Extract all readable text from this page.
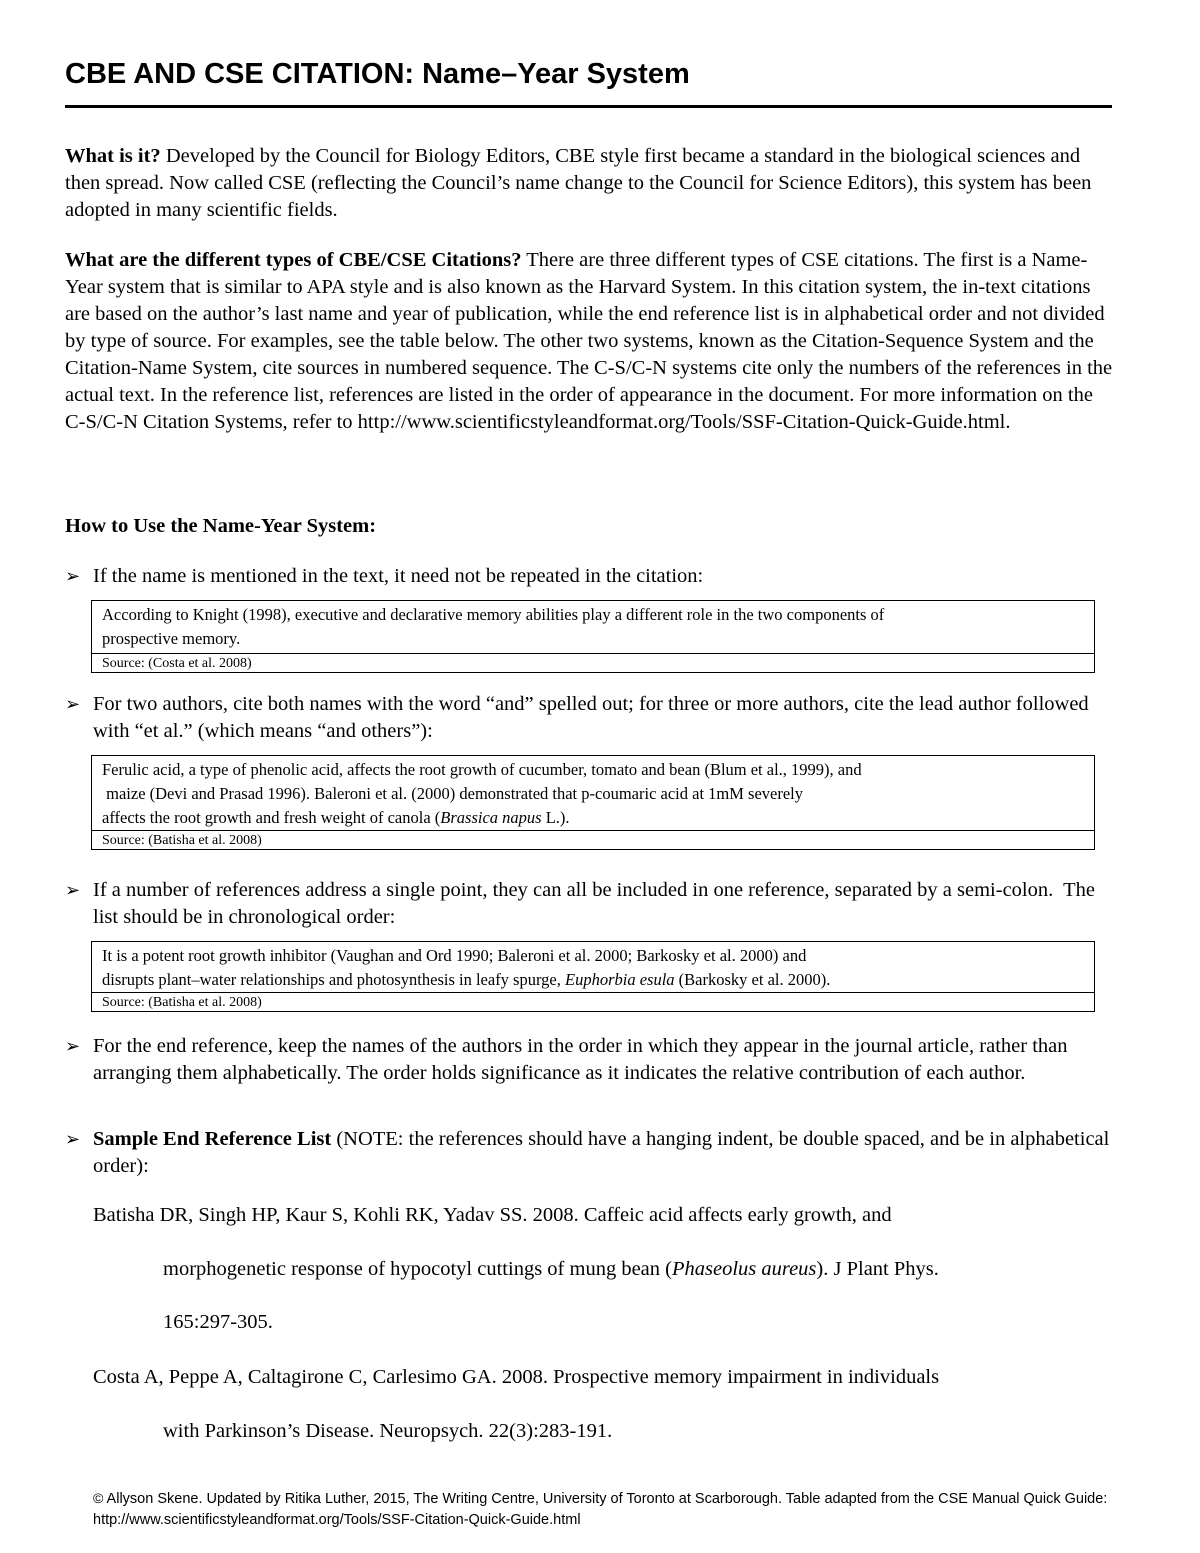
CBE AND CSE CITATION: Name–Year System
What is it? Developed by the Council for Biology Editors, CBE style first became a standard in the biological sciences and then spread. Now called CSE (reflecting the Council’s name change to the Council for Science Editors), this system has been adopted in many scientific fields.
What are the different types of CBE/CSE Citations? There are three different types of CSE citations. The first is a Name-Year system that is similar to APA style and is also known as the Harvard System. In this citation system, the in-text citations are based on the author’s last name and year of publication, while the end reference list is in alphabetical order and not divided by type of source. For examples, see the table below. The other two systems, known as the Citation-Sequence System and the Citation-Name System, cite sources in numbered sequence. The C-S/C-N systems cite only the numbers of the references in the actual text. In the reference list, references are listed in the order of appearance in the document. For more information on the C-S/C-N Citation Systems, refer to http://www.scientificstyleandformat.org/Tools/SSF-Citation-Quick-Guide.html.
How to Use the Name-Year System:
➢ If the name is mentioned in the text, it need not be repeated in the citation:
According to Knight (1998), executive and declarative memory abilities play a different role in the two components of
prospective memory.
Source: (Costa et al. 2008)
➢ For two authors, cite both names with the word “and” spelled out; for three or more authors, cite the lead author followed with “et al.” (which means “and others”):
Ferulic acid, a type of phenolic acid, affects the root growth of cucumber, tomato and bean (Blum et al., 1999), and
maize (Devi and Prasad 1996). Baleroni et al. (2000) demonstrated that p-coumaric acid at 1mM severely
affects the root growth and fresh weight of canola (Brassica napus L.).
Source: (Batisha et al. 2008)
➢ If a number of references address a single point, they can all be included in one reference, separated by a semi-colon.  The list should be in chronological order:
It is a potent root growth inhibitor (Vaughan and Ord 1990; Baleroni et al. 2000; Barkosky et al. 2000) and
disrupts plant–water relationships and photosynthesis in leafy spurge, Euphorbia esula (Barkosky et al. 2000).
Source: (Batisha et al. 2008)
➢ For the end reference, keep the names of the authors in the order in which they appear in the journal article, rather than arranging them alphabetically. The order holds significance as it indicates the relative contribution of each author.
➢ Sample End Reference List (NOTE: the references should have a hanging indent, be double spaced, and be in alphabetical order):
Batisha DR, Singh HP, Kaur S, Kohli RK, Yadav SS. 2008. Caffeic acid affects early growth, and
morphogenetic response of hypocotyl cuttings of mung bean (Phaseolus aureus). J Plant Phys.
165:297-305.
Costa A, Peppe A, Caltagirone C, Carlesimo GA. 2008. Prospective memory impairment in individuals
with Parkinson’s Disease. Neuropsych. 22(3):283-191.
© Allyson Skene. Updated by Ritika Luther, 2015, The Writing Centre, University of Toronto at Scarborough. Table adapted from the CSE Manual Quick Guide: http://www.scientificstyleandformat.org/Tools/SSF-Citation-Quick-Guide.html
